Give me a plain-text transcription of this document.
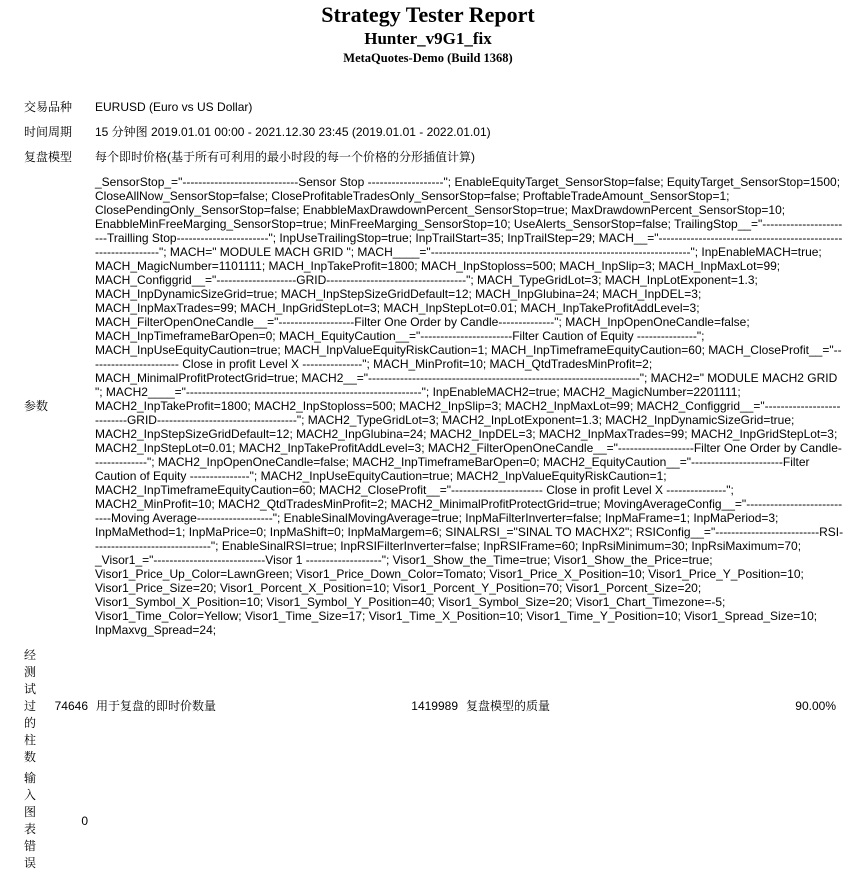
Strategy Tester Report
Hunter_v9G1_fix
MetaQuotes-Demo (Build 1368)
交易品种	EURUSD (Euro vs US Dollar)
时间周期	15 分钟图 2019.01.01 00:00 - 2021.12.30 23:45 (2019.01.01 - 2022.01.01)
复盘模型	每个即时价格(基于所有可利用的最小时段的每一个价格的分形插值计算)
参数	_SensorStop_="-----------------------------Sensor Stop -------------------"; EnableEquityTarget_SensorStop=false; EquityTarget_SensorStop=1500; CloseAllNow_SensorStop=false; CloseProfitableTradesOnly_SensorStop=false; ProftableTradeAmount_SensorStop=1; ClosePendingOnly_SensorStop=false; EnabbleMaxDrawdownPercent_SensorStop=true; MaxDrawdownPercent_SensorStop=10; EnabbleMinFreeMarging_SensorStop=true; MinFreeMarging_SensorStop=10; UseAlerts_SensorStop=false; TrailingStop__="-----------------------Trailling Stop-----------------------"; InpUseTrailingStop=true; InpTrailStart=35; InpTrailStep=29; MACH__="--------------------------------------------------------------"; MACH=" MODULE MACH GRID "; MACH____="-----------------------------------------------------------------"; InpEnableMACH=true; MACH_MagicNumber=1101111; MACH_InpTakeProfit=1800; MACH_InpStoploss=500; MACH_InpSlip=3; MACH_InpMaxLot=99; MACH_Configgrid__="--------------------GRID-----------------------------------"; MACH_TypeGridLot=3; MACH_InpLotExponent=1.3; MACH_InpDynamicSizeGrid=true; MACH_InpStepSizeGridDefault=12; MACH_InpGlubina=24; MACH_InpDEL=3; MACH_InpMaxTrades=99; MACH_InpGridStepLot=3; MACH_InpStepLot=0.01; MACH_InpTakeProfitAddLevel=3; MACH_FilterOpenOneCandle__="-------------------Filter One Order by Candle--------------"; MACH_InpOpenOneCandle=false; MACH_InpTimeframeBarOpen=0; MACH_EquityCaution__="-----------------------Filter Caution of Equity ---------------"; MACH_InpUseEquityCaution=true; MACH_InpValueEquityRiskCaution=1; MACH_InpTimeframeEquityCaution=60; MACH_CloseProfit__="----------------------- Close in profit Level X ---------------"; MACH_MinProfit=10; MACH_QtdTradesMinProfit=2; MACH_MinimalProfitProtectGrid=true; MACH2__="--------------------------------------------------------------------"; MACH2=" MODULE MACH2 GRID "; MACH2____="-----------------------------------------------------------"; InpEnableMACH2=true; MACH2_MagicNumber=2201111; MACH2_InpTakeProfit=1800; MACH2_InpStoploss=500; MACH2_InpSlip=3; MACH2_InpMaxLot=99; MACH2_Configgrid__="---------------------------GRID-----------------------------------"; MACH2_TypeGridLot=3; MACH2_InpLotExponent=1.3; MACH2_InpDynamicSizeGrid=true; MACH2_InpStepSizeGridDefault=12; MACH2_InpGlubina=24; MACH2_InpDEL=3; MACH2_InpMaxTrades=99; MACH2_InpGridStepLot=3; MACH2_InpStepLot=0.01; MACH2_InpTakeProfitAddLevel=3; MACH2_FilterOpenOneCandle__="-------------------Filter One Order by Candle--------------"; MACH2_InpOpenOneCandle=false; MACH2_InpTimeframeBarOpen=0; MACH2_EquityCaution__="-----------------------Filter Caution of Equity ---------------"; MACH2_InpUseEquityCaution=true; MACH2_InpValueEquityRiskCaution=1; MACH2_InpTimeframeEquityCaution=60; MACH2_CloseProfit__="----------------------- Close in profit Level X ---------------"; MACH2_MinProfit=10; MACH2_QtdTradesMinProfit=2; MACH2_MinimalProfitProtectGrid=true; MovingAverageConfig__="----------------------------Moving Average-------------------"; EnableSinalMovingAverage=true; InpMaFilterInverter=false; InpMaFrame=1; InpMaPeriod=3; InpMaMethod=1; InpMaPrice=0; InpMaShift=0; InpMaMargem=6; SINALRSI_="SINAL TO MACHX2"; RSIConfig__="--------------------------RSI------------------------------"; EnableSinalRSI=true; InpRSIFilterInverter=false; InpRSIFrame=60; InpRsiMinimum=30; InpRsiMaximum=70; _Visor1_="----------------------------Visor 1 -------------------"; Visor1_Show_the_Time=true; Visor1_Show_the_Price=true; Visor1_Price_Up_Color=LawnGreen; Visor1_Price_Down_Color=Tomato; Visor1_Price_X_Position=10; Visor1_Price_Y_Position=10; Visor1_Price_Size=20; Visor1_Porcent_X_Position=10; Visor1_Porcent_Y_Position=70; Visor1_Porcent_Size=20; Visor1_Symbol_X_Position=10; Visor1_Symbol_Y_Position=40; Visor1_Symbol_Size=20; Visor1_Chart_Timezone=-5; Visor1_Time_Color=Yellow; Visor1_Time_Size=17; Visor1_Time_X_Position=10; Visor1_Time_Y_Position=10; Visor1_Spread_Size=10; InpMaxvg_Spread=24;
经测试过的柱数	74646	用于复盘的即时价数量	1419989	复盘模型的质量	90.00%
输入图表错误	0				
